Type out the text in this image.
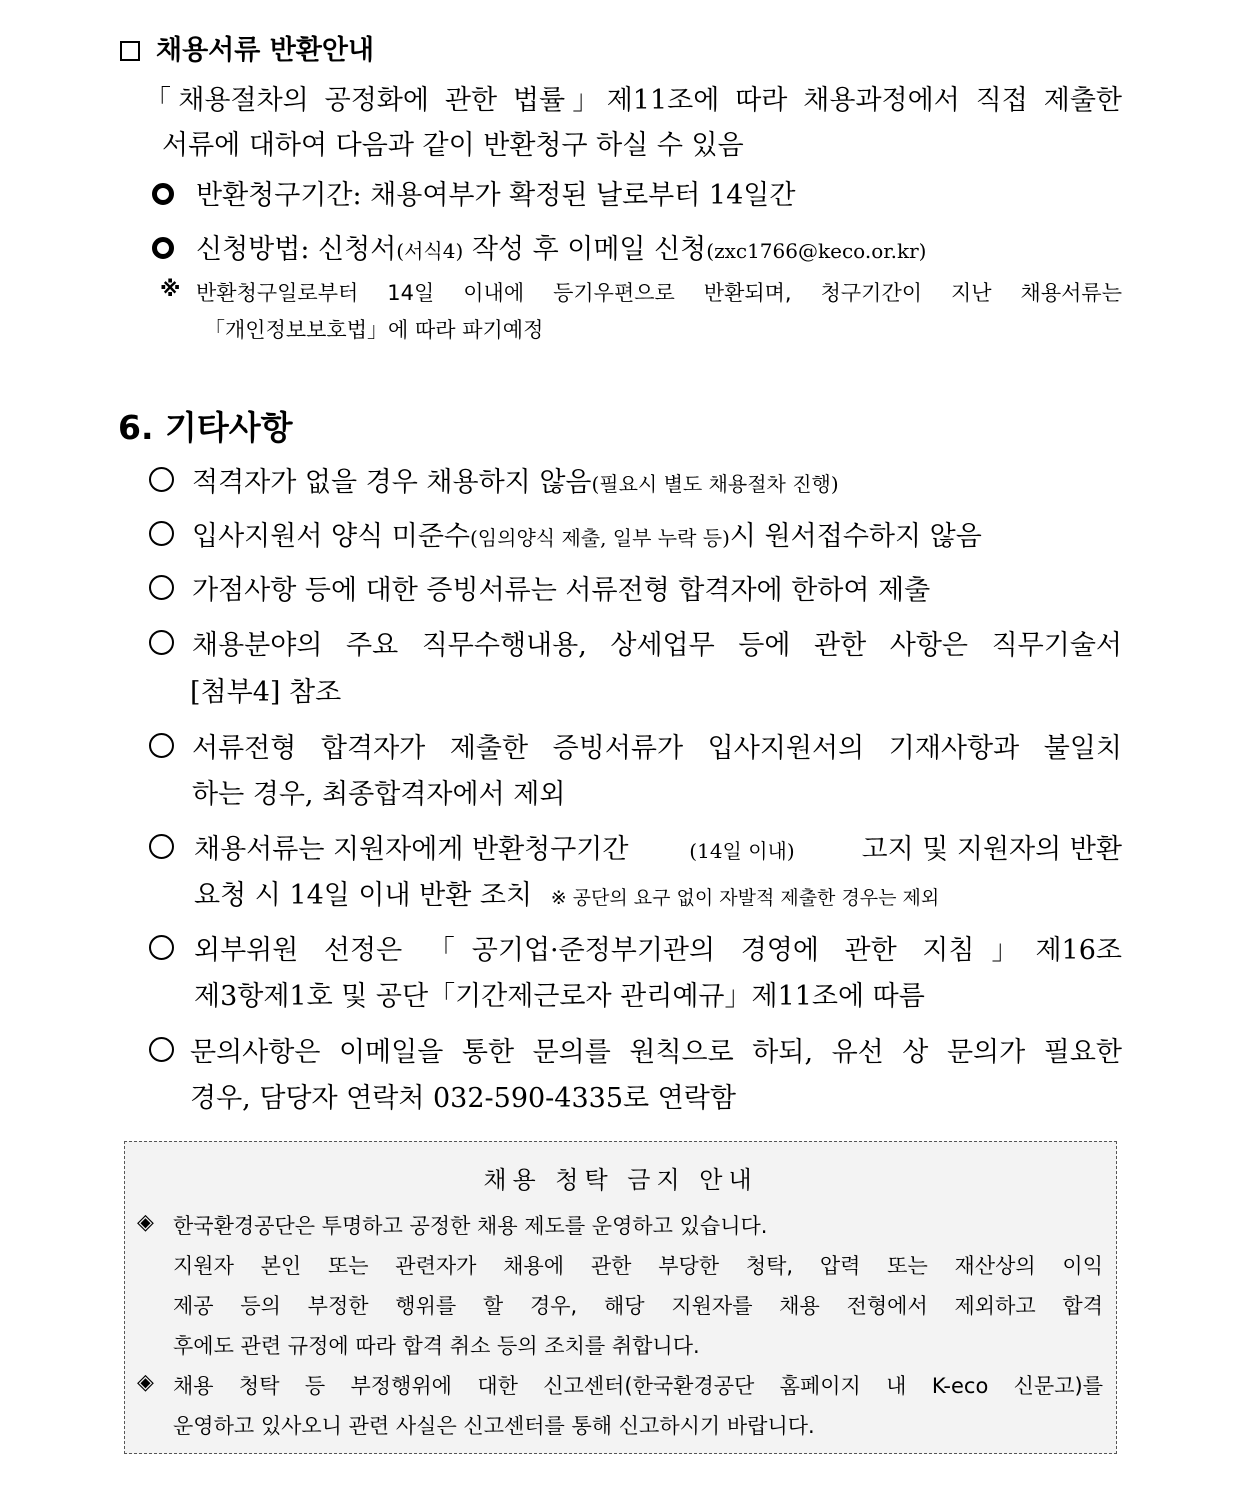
채용서류 반환안내
「채용절차의 공정화에 관한 법률」제11조에 따라 채용과정에서 직접 제출한
서류에 대하여 다음과 같이 반환청구 하실 수 있음
반환청구기간: 채용여부가 확정된 날로부터 14일간
신청방법: 신청서(서식4) 작성 후 이메일 신청(zxc1766@keco.or.kr)
※ 반환청구일로부터 14일 이내에 등기우편으로 반환되며, 청구기간이 지난 채용서류는
「개인정보보호법」에 따라 파기예정
6. 기타사항
적격자가 없을 경우 채용하지 않음(필요시 별도 채용절차 진행)
입사지원서 양식 미준수(임의양식 제출, 일부 누락 등)시 원서접수하지 않음
가점사항 등에 대한 증빙서류는 서류전형 합격자에 한하여 제출
채용분야의 주요 직무수행내용, 상세업무 등에 관한 사항은 직무기술서
[첨부4] 참조
서류전형 합격자가 제출한 증빙서류가 입사지원서의 기재사항과 불일치
하는 경우, 최종합격자에서 제외
채용서류는 지원자에게 반환청구기간	(14일 이내) 고지 및 지원자의 반환
요청 시 14일 이내 반환 조치 ※ 공단의 요구 없이 자발적 제출한 경우는 제외
외부위원 선정은 「공기업·준정부기관의 경영에 관한 지침」제16조
제3항제1호 및 공단「기간제근로자 관리예규」제11조에 따름
문의사항은 이메일을 통한 문의를 원칙으로 하되, 유선 상 문의가 필요한
경우, 담당자 연락처 032-590-4335로 연락함
채용 청탁 금지 안내
◈ 한국환경공단은 투명하고 공정한 채용 제도를 운영하고 있습니다.
지원자 본인 또는 관련자가 채용에 관한 부당한 청탁, 압력 또는 재산상의 이익
제공 등의 부정한 행위를 할 경우, 해당 지원자를 채용 전형에서 제외하고 합격
후에도 관련 규정에 따라 합격 취소 등의 조치를 취합니다.
◈ 채용 청탁 등 부정행위에 대한 신고센터(한국환경공단 홈페이지 내 K-eco 신문고)를
운영하고 있사오니 관련 사실은 신고센터를 통해 신고하시기 바랍니다.
